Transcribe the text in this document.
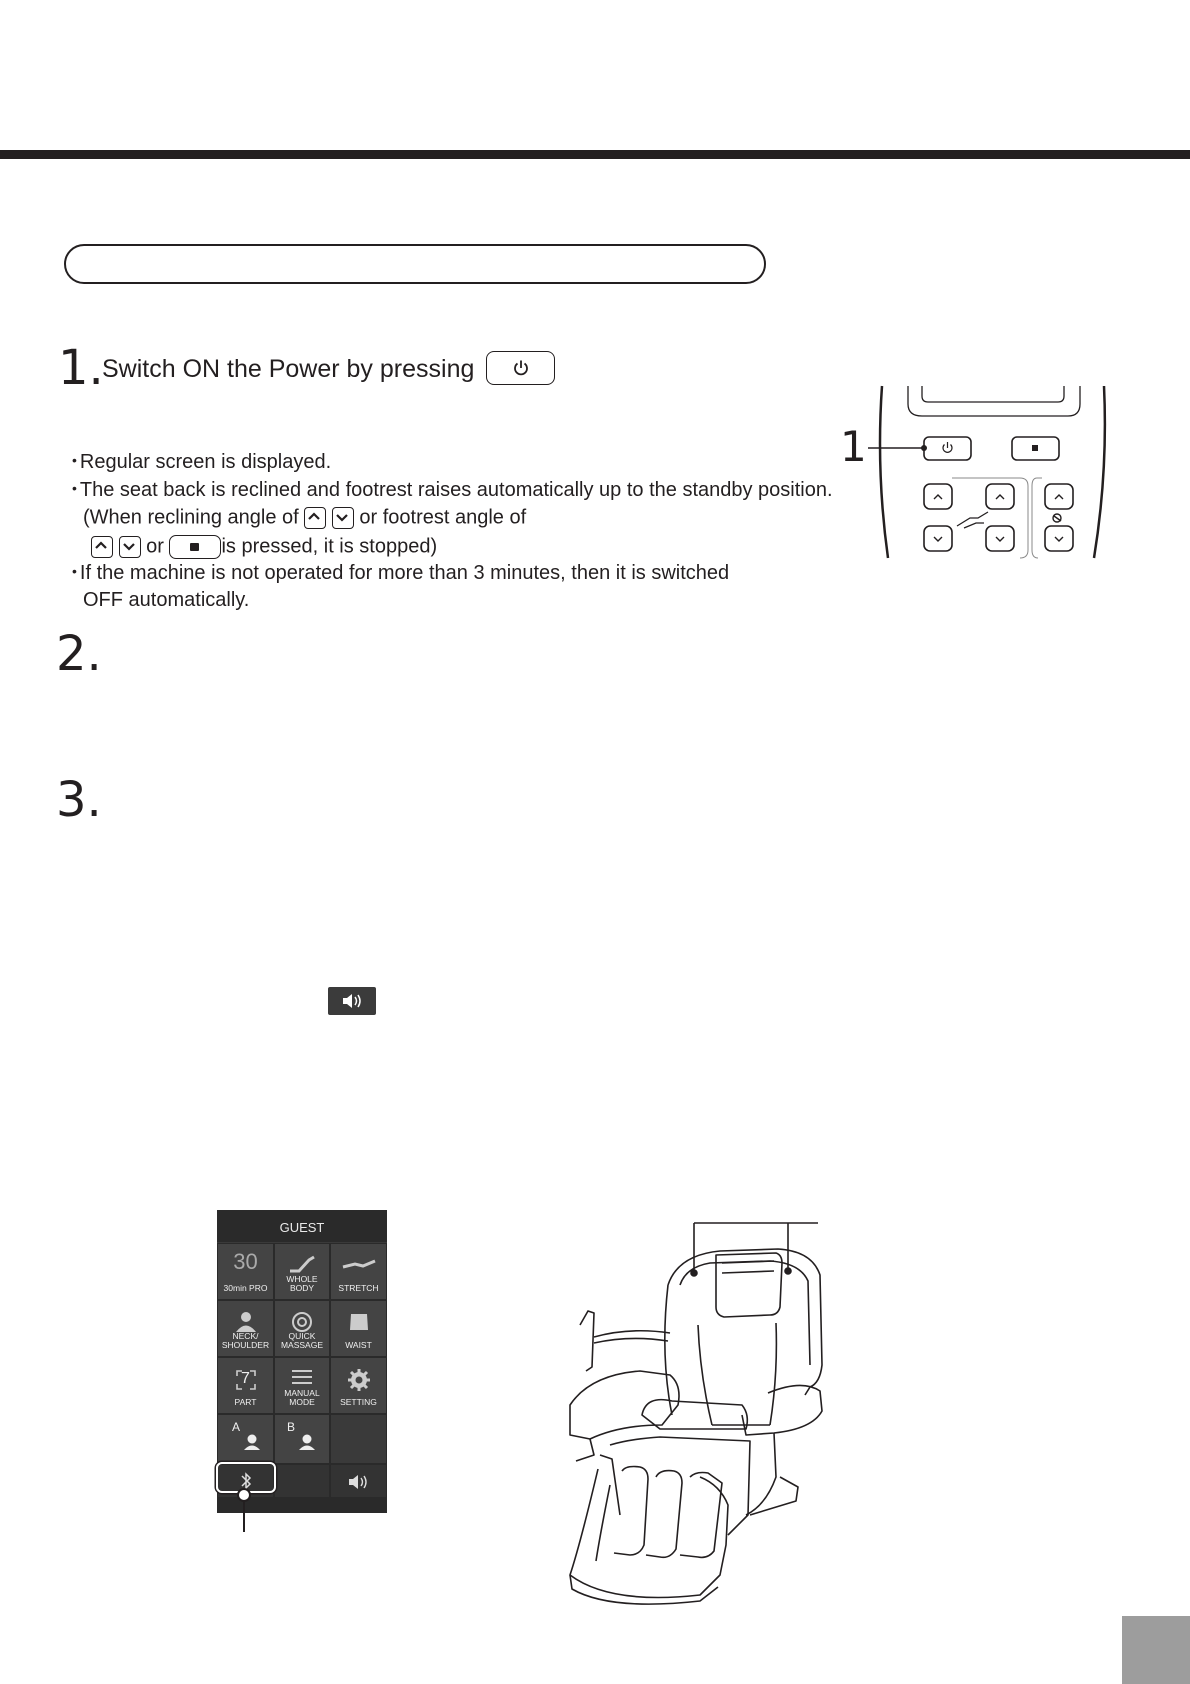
1.
Switch ON the Power by pressing
• Regular screen is displayed.
• The seat back is reclined and footrest raises automatically up to the standby position.
(When reclining angle of	or footrest angle of
or	is pressed, it is stopped)
• If the machine is not operated for more than 3 minutes, then it is switched
OFF automatically.
1
2.
3.
GUEST
30
30min PRO
WHOLE BODY	STRETCH
NECK/ SHOULDER
QUICK MASSAGE	WAIST
7
PART
MANUAL MODE	SETTING
A	B
